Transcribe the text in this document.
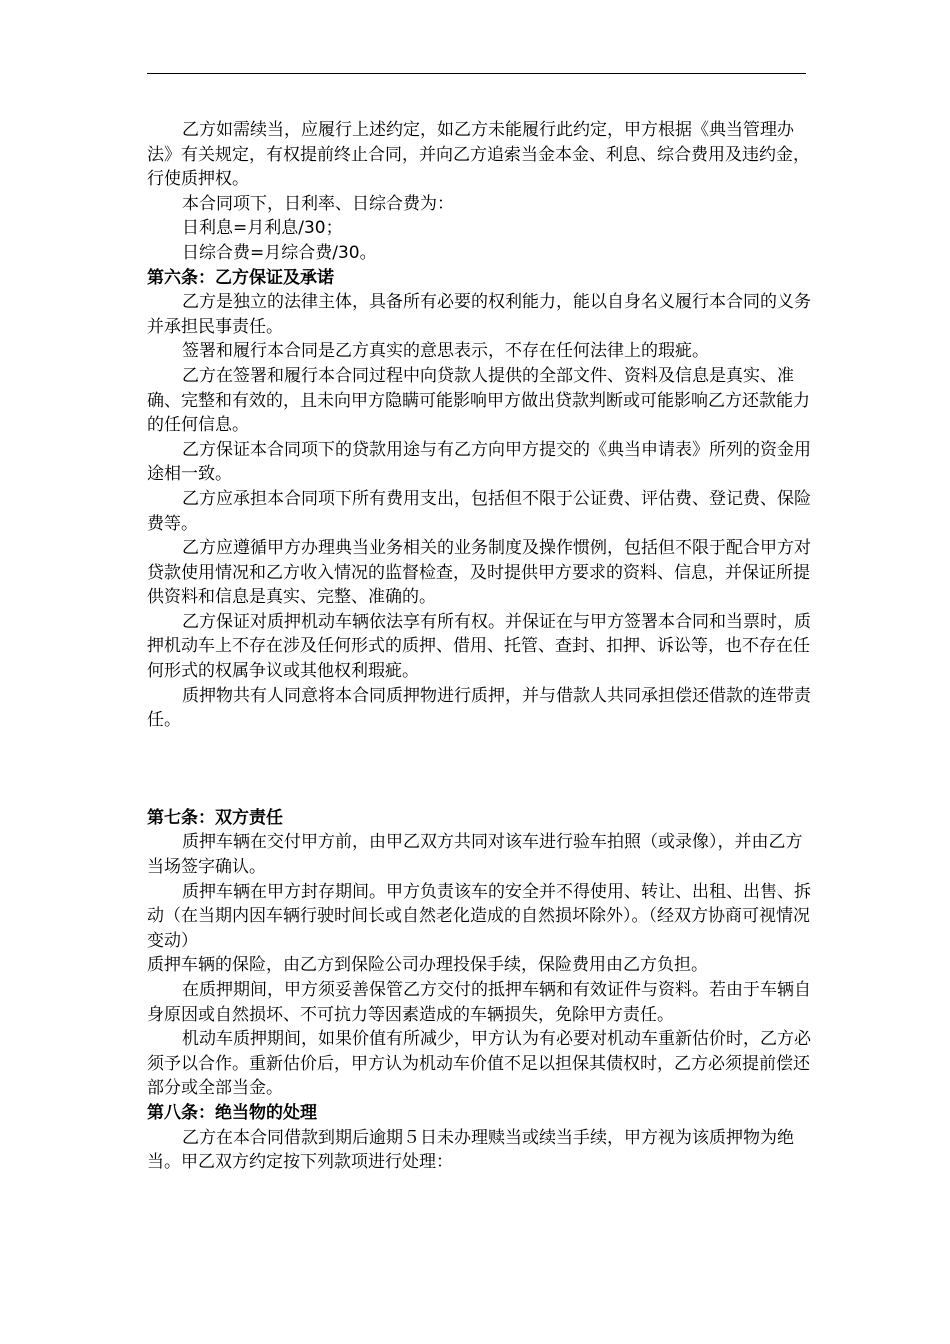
乙方如需续当，应履行上述约定，如乙方未能履行此约定，甲方根据《典当管理办法》有关规定，有权提前终止合同，并向乙方追索当金本金、利息、综合费用及违约金，行使质押权。

本合同项下，日利率、日综合费为：

日利息=月利息/30；

日综合费=月综合费/30。

第六条：乙方保证及承诺

乙方是独立的法律主体，具备所有必要的权利能力，能以自身名义履行本合同的义务并承担民事责任。

签署和履行本合同是乙方真实的意思表示，不存在任何法律上的瑕疵。

乙方在签署和履行本合同过程中向贷款人提供的全部文件、资料及信息是真实、准确、完整和有效的，且未向甲方隐瞒可能影响甲方做出贷款判断或可能影响乙方还款能力的任何信息。

乙方保证本合同项下的贷款用途与有乙方向甲方提交的《典当申请表》所列的资金用途相一致。

乙方应承担本合同项下所有费用支出，包括但不限于公证费、评估费、登记费、保险费等。

乙方应遵循甲方办理典当业务相关的业务制度及操作惯例，包括但不限于配合甲方对贷款使用情况和乙方收入情况的监督检查，及时提供甲方要求的资料、信息，并保证所提供资料和信息是真实、完整、准确的。

乙方保证对质押机动车辆依法享有所有权。并保证在与甲方签署本合同和当票时，质押机动车上不存在涉及任何形式的质押、借用、托管、查封、扣押、诉讼等，也不存在任何形式的权属争议或其他权利瑕疵。

质押物共有人同意将本合同质押物进行质押，并与借款人共同承担偿还借款的连带责任。

第七条：双方责任

质押车辆在交付甲方前，由甲乙双方共同对该车进行验车拍照（或录像），并由乙方当场签字确认。

质押车辆在甲方封存期间。甲方负责该车的安全并不得使用、转让、出租、出售、拆动（在当期内因车辆行驶时间长或自然老化造成的自然损坏除外）。（经双方协商可视情况变动）

质押车辆的保险，由乙方到保险公司办理投保手续，保险费用由乙方负担。

在质押期间，甲方须妥善保管乙方交付的抵押车辆和有效证件与资料。若由于车辆自身原因或自然损坏、不可抗力等因素造成的车辆损失，免除甲方责任。

机动车质押期间，如果价值有所减少，甲方认为有必要对机动车重新估价时，乙方必须予以合作。重新估价后，甲方认为机动车价值不足以担保其债权时，乙方必须提前偿还部分或全部当金。

第八条：绝当物的处理

乙方在本合同借款到期后逾期５日未办理赎当或续当手续，甲方视为该质押物为绝当。甲乙双方约定按下列款项进行处理：
